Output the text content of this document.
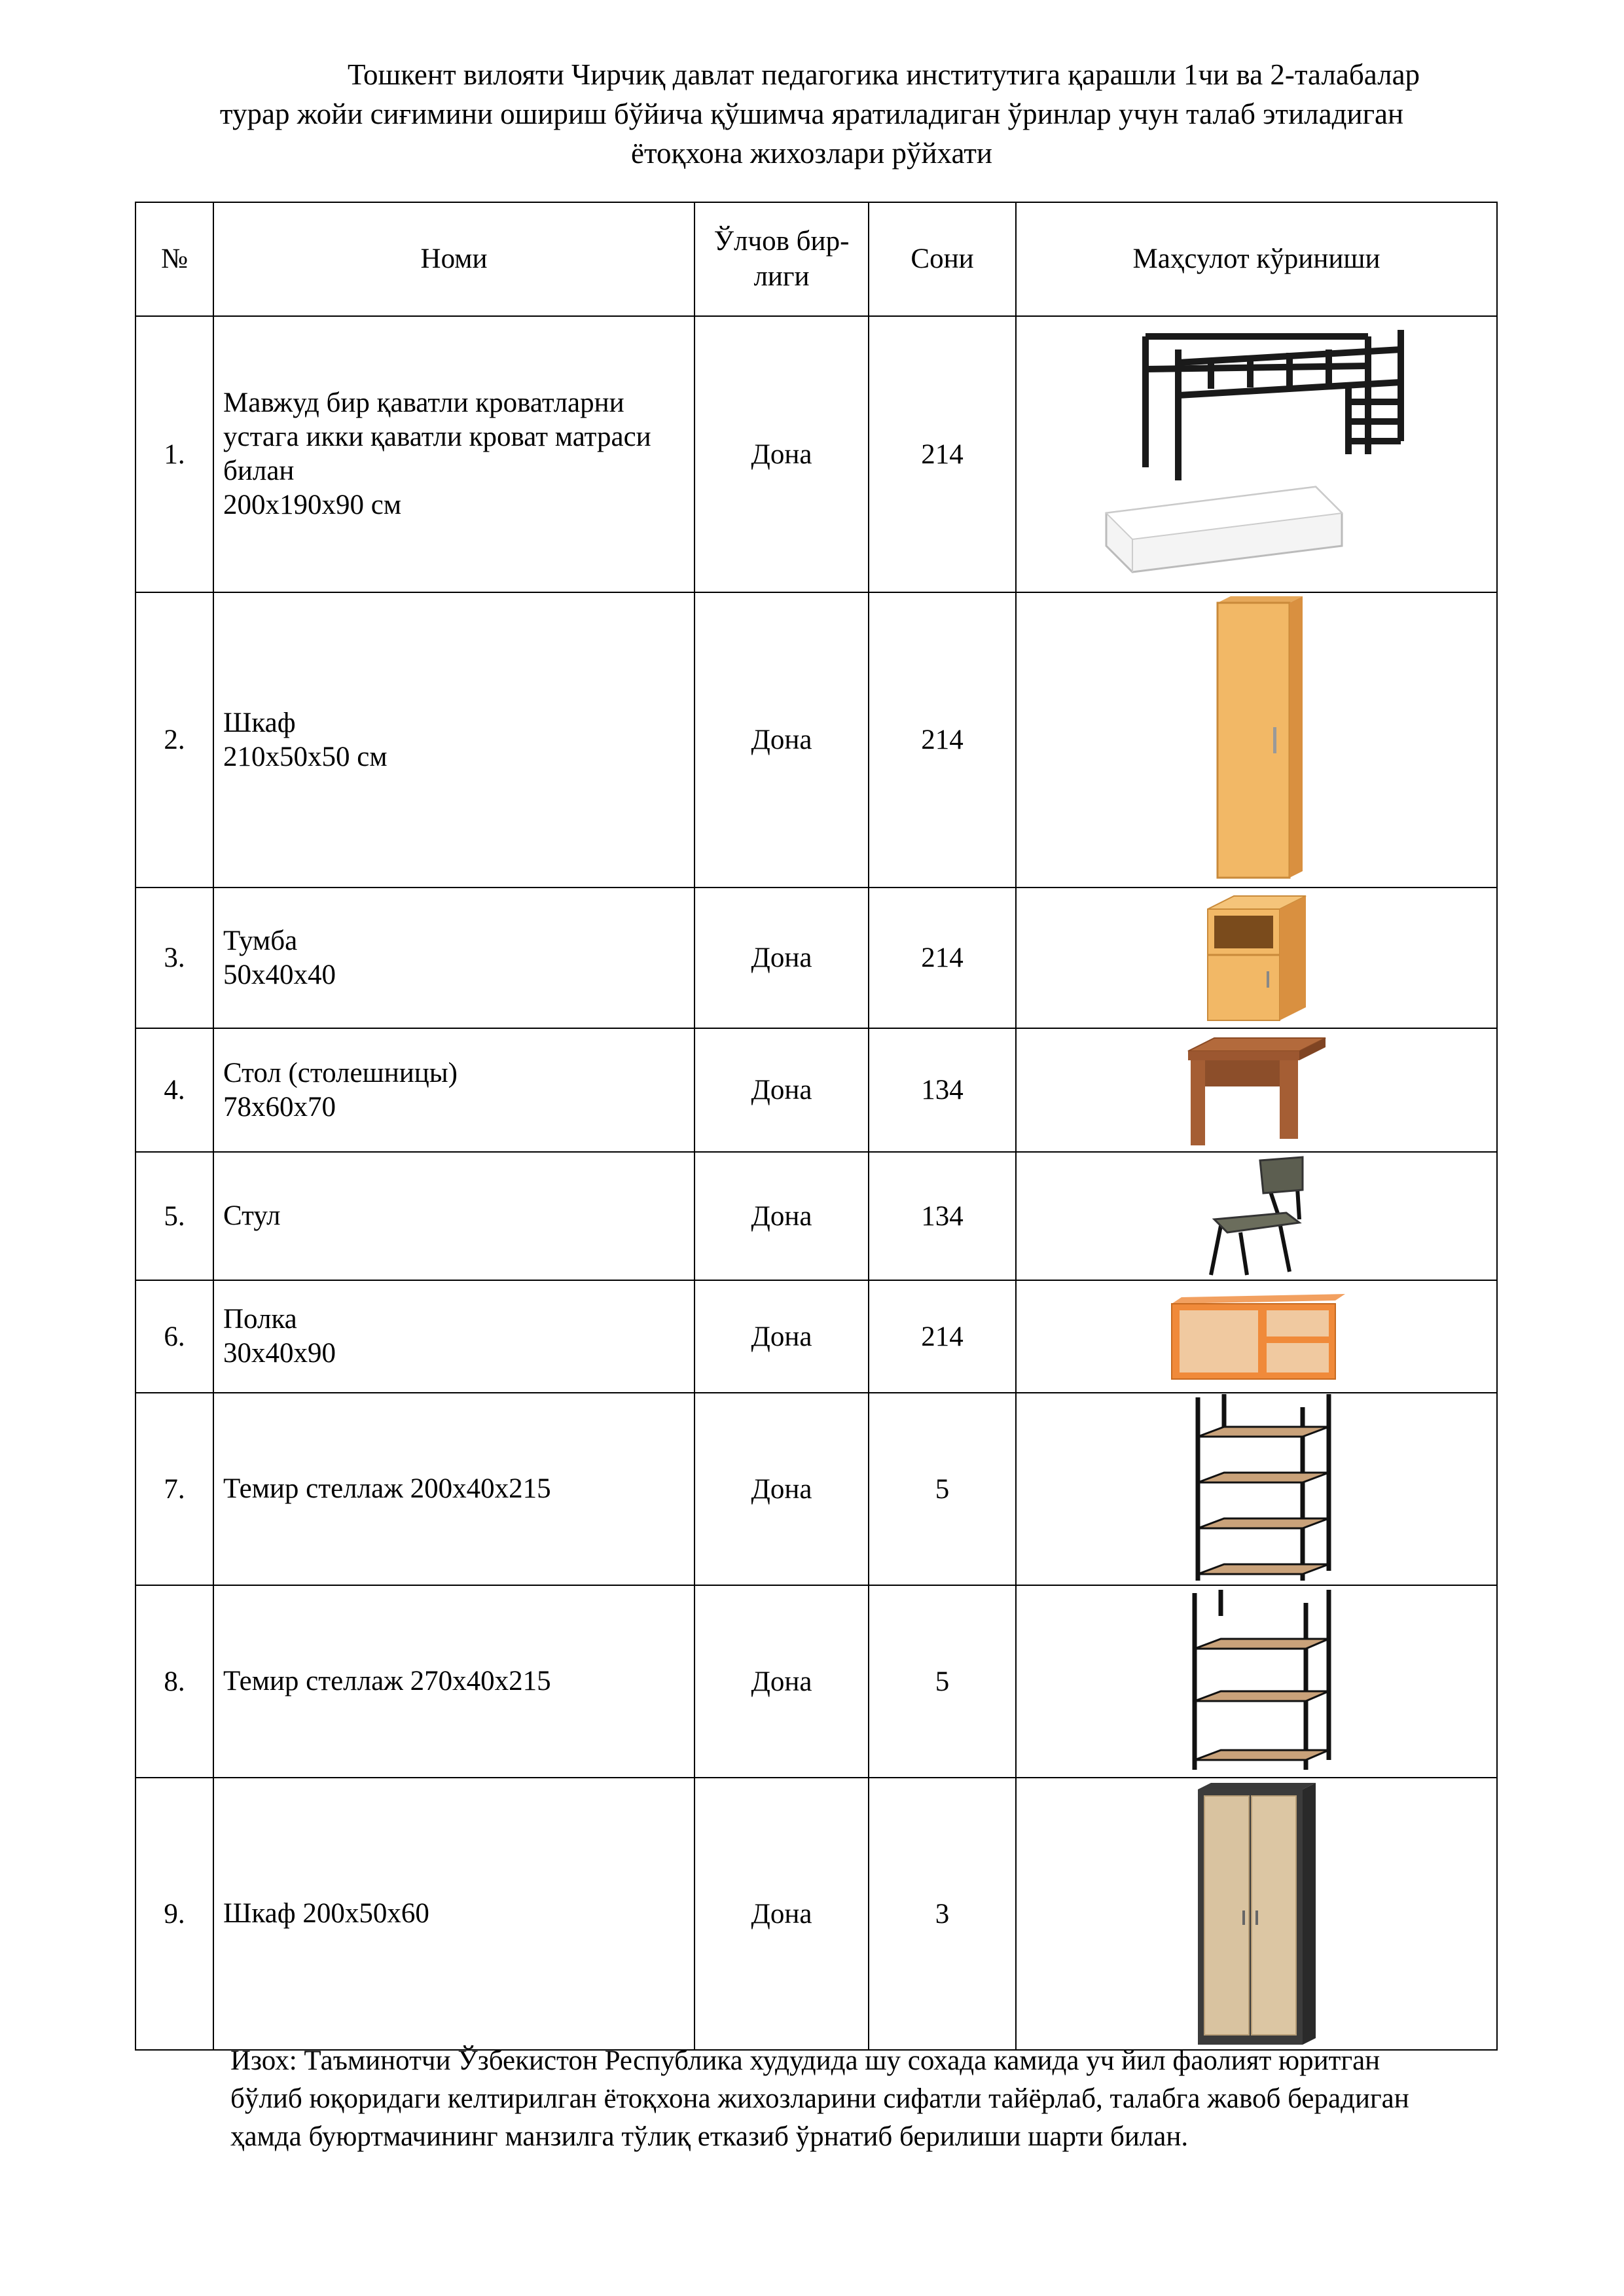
Тошкент вилояти Чирчиқ давлат педагогика институтига қарашли 1чи ва 2-талабалар
турар жойи сиғимини ошириш бўйича қўшимча яратиладиган ўринлар учун талаб этиладиган
ётоқхона жихозлари рўйхати
№	Номи	Ўлчов бир-
лиги	Сони	Маҳсулот кўриниши
1.	Мавжуд бир қаватли кроватларни
устага икки қаватли кроват матраси
билан
200х190х90 см	Дона	214	

2.	Шкаф
210х50х50 см	Дона	214	

3.	Тумба
50х40х40	Дона	214	

4.	Стол (столешницы)
78х60х70	Дона	134	

5.	Стул	Дона	134	

6.	Полка
30х40х90	Дона	214	

7.	Темир стеллаж 200х40х215	Дона	5	

8.	Темир стеллаж 270х40х215	Дона	5	

9.	Шкаф 200х50х60	Дона	3	
Изох: Таъминотчи Ўзбекистон Республика худудида шу сохада камида уч йил фаолият юритган
бўлиб юқоридаги келтирилган ётоқхона жихозларини сифатли тайёрлаб, талабга жавоб берадиган
ҳамда буюртмачининг манзилга тўлиқ етказиб ўрнатиб берилиши шарти билан.
